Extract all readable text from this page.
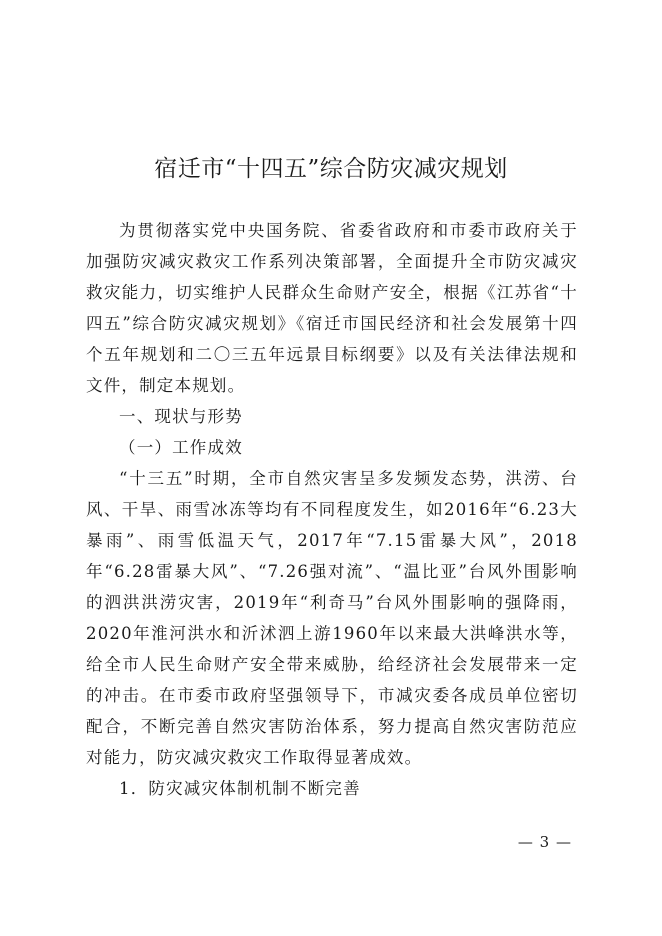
宿迁市“十四五”综合防灾减灾规划

为贯彻落实党中央国务院、省委省政府和市委市政府关于加强防灾减灾救灾工作系列决策部署，全面提升全市防灾减灾救灾能力，切实维护人民群众生命财产安全，根据《江苏省“十四五”综合防灾减灾规划》《宿迁市国民经济和社会发展第十四个五年规划和二〇三五年远景目标纲要》以及有关法律法规和文件，制定本规划。

一、现状与形势

（一）工作成效

“十三五”时期，全市自然灾害呈多发频发态势，洪涝、台风、干旱、雨雪冰冻等均有不同程度发生，如2016年“6.23大暴雨”、雨雪低温天气，2017年“7.15雷暴大风”，2018年“6.28雷暴大风”、“7.26强对流”、“温比亚”台风外围影响的泗洪洪涝灾害，2019年“利奇马”台风外围影响的强降雨，2020年淮河洪水和沂沭泗上游1960年以来最大洪峰洪水等，给全市人民生命财产安全带来威胁，给经济社会发展带来一定的冲击。在市委市政府坚强领导下，市减灾委各成员单位密切配合，不断完善自然灾害防治体系，努力提高自然灾害防范应对能力，防灾减灾救灾工作取得显著成效。

1．防灾减灾体制机制不断完善

— 3 —
